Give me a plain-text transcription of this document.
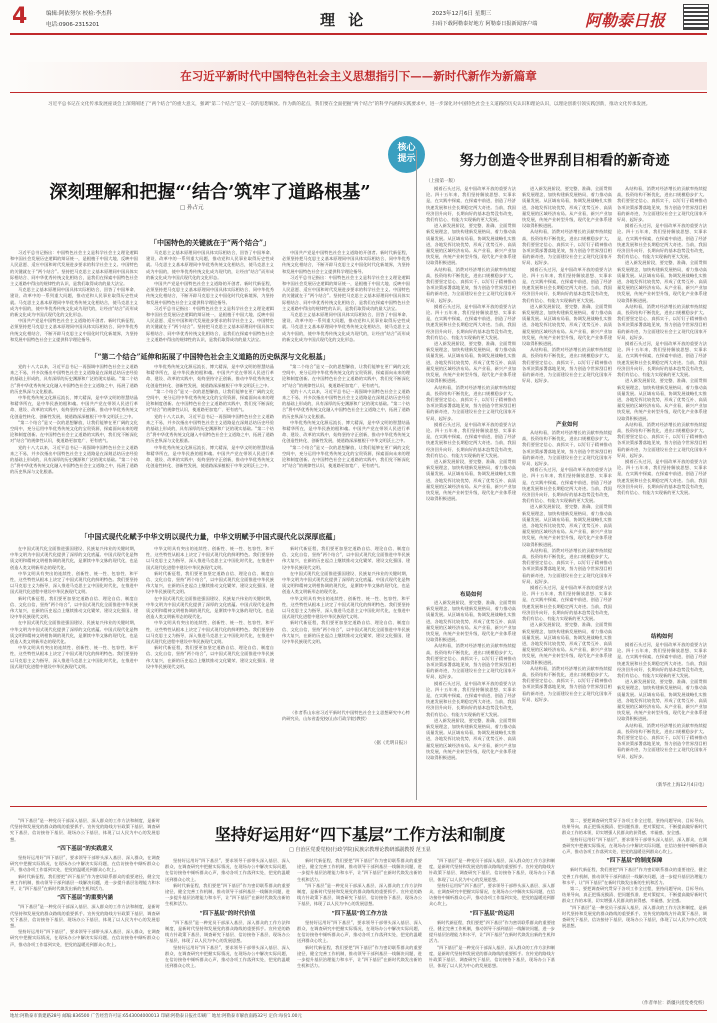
4	编辑:阿依努尔 校检:李杰科
电话:0906-2315201	理 论	2023年12月6日 星期三
扫码下载阿勒泰好地方 阿勒泰日报新闻客户端	阿勒泰日报
在习近平新时代中国特色社会主义思想指引下——新时代新作为新篇章

习近平总书记在文化传承发展座谈会上深刻阐述了“两个结合”的重大意义，强调“第二个结合”是又一次的思想解放。作为新的起点，我们要在全面把握“两个结合”的科学内涵和实践要求中，进一步深化对中国特色社会主义道路的历史认识和理论认识，以理论创新引领实践创新，推动文化传承发展。

核心
提示
深刻理解和把握“‘结合’筑牢了道路根基”
□ 孙占元
努力创造令世界刮目相看的新奇迹
（上接第一版）

摸着石头过河，是中国改革开放的重要方法论。四十五年来，我们坚持解放思想、实事求是，在实践中探索，在探索中前进，创造了经济快速发展和社会长期稳定两大奇迹。当前，我国经济回升向好、长期向好的基本趋势没有改变，我们有信心、有能力实现新的更大发展。

进入新发展阶段，要完整、准确、全面贯彻新发展理念，加快构建新发展格局，着力推动高质量发展。从区域布局看，协调发展战略扎实推进，各地发挥比较优势，形成了优势互补、高质量发展的区域经济布局。从产业看，新兴产业加快发展，传统产业转型升级，现代化产业体系建设取得积极进展。

从结构看，消费对经济增长的贡献率持续提高，投资结构不断优化，进出口规模稳步扩大。我们要坚定信心、真抓实干，以钉钉子精神推动各项决策部署落地见效，努力创造令世界刮目相看的新奇迹，为全面建设社会主义现代化国家开好局、起好步。

摸着石头过河，是中国改革开放的重要方法论。四十五年来，我们坚持解放思想、实事求是，在实践中探索，在探索中前进，创造了经济快速发展和社会长期稳定两大奇迹。当前，我国经济回升向好、长期向好的基本趋势没有改变，我们有信心、有能力实现新的更大发展。

进入新发展阶段，要完整、准确、全面贯彻新发展理念，加快构建新发展格局，着力推动高质量发展。从区域布局看，协调发展战略扎实推进，各地发挥比较优势，形成了优势互补、高质量发展的区域经济布局。从产业看，新兴产业加快发展，传统产业转型升级，现代化产业体系建设取得积极进展。

从结构看，消费对经济增长的贡献率持续提高，投资结构不断优化，进出口规模稳步扩大。我们要坚定信心、真抓实干，以钉钉子精神推动各项决策部署落地见效，努力创造令世界刮目相看的新奇迹，为全面建设社会主义现代化国家开好局、起好步。

摸着石头过河，是中国改革开放的重要方法论。四十五年来，我们坚持解放思想、实事求是，在实践中探索，在探索中前进，创造了经济快速发展和社会长期稳定两大奇迹。当前，我国经济回升向好、长期向好的基本趋势没有改变，我们有信心、有能力实现新的更大发展。

进入新发展阶段，要完整、准确、全面贯彻新发展理念，加快构建新发展格局，着力推动高质量发展。从区域布局看，协调发展战略扎实推进，各地发挥比较优势，形成了优势互补、高质量发展的区域经济布局。从产业看，新兴产业加快发展，传统产业转型升级，现代化产业体系建设取得积极进展。

布局如何

进入新发展阶段，要完整、准确、全面贯彻新发展理念，加快构建新发展格局，着力推动高质量发展。从区域布局看，协调发展战略扎实推进，各地发挥比较优势，形成了优势互补、高质量发展的区域经济布局。从产业看，新兴产业加快发展，传统产业转型升级，现代化产业体系建设取得积极进展。

从结构看，消费对经济增长的贡献率持续提高，投资结构不断优化，进出口规模稳步扩大。我们要坚定信心、真抓实干，以钉钉子精神推动各项决策部署落地见效，努力创造令世界刮目相看的新奇迹，为全面建设社会主义现代化国家开好局、起好步。

摸着石头过河，是中国改革开放的重要方法论。四十五年来，我们坚持解放思想、实事求是，在实践中探索，在探索中前进，创造了经济快速发展和社会长期稳定两大奇迹。当前，我国经济回升向好、长期向好的基本趋势没有改变，我们有信心、有能力实现新的更大发展。

进入新发展阶段，要完整、准确、全面贯彻新发展理念，加快构建新发展格局，着力推动高质量发展。从区域布局看，协调发展战略扎实推进，各地发挥比较优势，形成了优势互补、高质量发展的区域经济布局。从产业看，新兴产业加快发展，传统产业转型升级，现代化产业体系建设取得积极进展。

进入新发展阶段，要完整、准确、全面贯彻新发展理念，加快构建新发展格局，着力推动高质量发展。从区域布局看，协调发展战略扎实推进，各地发挥比较优势，形成了优势互补、高质量发展的区域经济布局。从产业看，新兴产业加快发展，传统产业转型升级，现代化产业体系建设取得积极进展。

从结构看，消费对经济增长的贡献率持续提高，投资结构不断优化，进出口规模稳步扩大。我们要坚定信心、真抓实干，以钉钉子精神推动各项决策部署落地见效，努力创造令世界刮目相看的新奇迹，为全面建设社会主义现代化国家开好局、起好步。

摸着石头过河，是中国改革开放的重要方法论。四十五年来，我们坚持解放思想、实事求是，在实践中探索，在探索中前进，创造了经济快速发展和社会长期稳定两大奇迹。当前，我国经济回升向好、长期向好的基本趋势没有改变，我们有信心、有能力实现新的更大发展。

进入新发展阶段，要完整、准确、全面贯彻新发展理念，加快构建新发展格局，着力推动高质量发展。从区域布局看，协调发展战略扎实推进，各地发挥比较优势，形成了优势互补、高质量发展的区域经济布局。从产业看，新兴产业加快发展，传统产业转型升级，现代化产业体系建设取得积极进展。

从结构看，消费对经济增长的贡献率持续提高，投资结构不断优化，进出口规模稳步扩大。我们要坚定信心、真抓实干，以钉钉子精神推动各项决策部署落地见效，努力创造令世界刮目相看的新奇迹，为全面建设社会主义现代化国家开好局、起好步。

产业如何

从结构看，消费对经济增长的贡献率持续提高，投资结构不断优化，进出口规模稳步扩大。我们要坚定信心、真抓实干，以钉钉子精神推动各项决策部署落地见效，努力创造令世界刮目相看的新奇迹，为全面建设社会主义现代化国家开好局、起好步。

摸着石头过河，是中国改革开放的重要方法论。四十五年来，我们坚持解放思想、实事求是，在实践中探索，在探索中前进，创造了经济快速发展和社会长期稳定两大奇迹。当前，我国经济回升向好、长期向好的基本趋势没有改变，我们有信心、有能力实现新的更大发展。

进入新发展阶段，要完整、准确、全面贯彻新发展理念，加快构建新发展格局，着力推动高质量发展。从区域布局看，协调发展战略扎实推进，各地发挥比较优势，形成了优势互补、高质量发展的区域经济布局。从产业看，新兴产业加快发展，传统产业转型升级，现代化产业体系建设取得积极进展。

从结构看，消费对经济增长的贡献率持续提高，投资结构不断优化，进出口规模稳步扩大。我们要坚定信心、真抓实干，以钉钉子精神推动各项决策部署落地见效，努力创造令世界刮目相看的新奇迹，为全面建设社会主义现代化国家开好局、起好步。

摸着石头过河，是中国改革开放的重要方法论。四十五年来，我们坚持解放思想、实事求是，在实践中探索，在探索中前进，创造了经济快速发展和社会长期稳定两大奇迹。当前，我国经济回升向好、长期向好的基本趋势没有改变，我们有信心、有能力实现新的更大发展。

进入新发展阶段，要完整、准确、全面贯彻新发展理念，加快构建新发展格局，着力推动高质量发展。从区域布局看，协调发展战略扎实推进，各地发挥比较优势，形成了优势互补、高质量发展的区域经济布局。从产业看，新兴产业加快发展，传统产业转型升级，现代化产业体系建设取得积极进展。

从结构看，消费对经济增长的贡献率持续提高，投资结构不断优化，进出口规模稳步扩大。我们要坚定信心、真抓实干，以钉钉子精神推动各项决策部署落地见效，努力创造令世界刮目相看的新奇迹，为全面建设社会主义现代化国家开好局、起好步。

从结构看，消费对经济增长的贡献率持续提高，投资结构不断优化，进出口规模稳步扩大。我们要坚定信心、真抓实干，以钉钉子精神推动各项决策部署落地见效，努力创造令世界刮目相看的新奇迹，为全面建设社会主义现代化国家开好局、起好步。

摸着石头过河，是中国改革开放的重要方法论。四十五年来，我们坚持解放思想、实事求是，在实践中探索，在探索中前进，创造了经济快速发展和社会长期稳定两大奇迹。当前，我国经济回升向好、长期向好的基本趋势没有改变，我们有信心、有能力实现新的更大发展。

进入新发展阶段，要完整、准确、全面贯彻新发展理念，加快构建新发展格局，着力推动高质量发展。从区域布局看，协调发展战略扎实推进，各地发挥比较优势，形成了优势互补、高质量发展的区域经济布局。从产业看，新兴产业加快发展，传统产业转型升级，现代化产业体系建设取得积极进展。

从结构看，消费对经济增长的贡献率持续提高，投资结构不断优化，进出口规模稳步扩大。我们要坚定信心、真抓实干，以钉钉子精神推动各项决策部署落地见效，努力创造令世界刮目相看的新奇迹，为全面建设社会主义现代化国家开好局、起好步。

摸着石头过河，是中国改革开放的重要方法论。四十五年来，我们坚持解放思想、实事求是，在实践中探索，在探索中前进，创造了经济快速发展和社会长期稳定两大奇迹。当前，我国经济回升向好、长期向好的基本趋势没有改变，我们有信心、有能力实现新的更大发展。

进入新发展阶段，要完整、准确、全面贯彻新发展理念，加快构建新发展格局，着力推动高质量发展。从区域布局看，协调发展战略扎实推进，各地发挥比较优势，形成了优势互补、高质量发展的区域经济布局。从产业看，新兴产业加快发展，传统产业转型升级，现代化产业体系建设取得积极进展。

从结构看，消费对经济增长的贡献率持续提高，投资结构不断优化，进出口规模稳步扩大。我们要坚定信心、真抓实干，以钉钉子精神推动各项决策部署落地见效，努力创造令世界刮目相看的新奇迹，为全面建设社会主义现代化国家开好局、起好步。

摸着石头过河，是中国改革开放的重要方法论。四十五年来，我们坚持解放思想、实事求是，在实践中探索，在探索中前进，创造了经济快速发展和社会长期稳定两大奇迹。当前，我国经济回升向好、长期向好的基本趋势没有改变，我们有信心、有能力实现新的更大发展。

结构如何

摸着石头过河，是中国改革开放的重要方法论。四十五年来，我们坚持解放思想、实事求是，在实践中探索，在探索中前进，创造了经济快速发展和社会长期稳定两大奇迹。当前，我国经济回升向好、长期向好的基本趋势没有改变，我们有信心、有能力实现新的更大发展。

进入新发展阶段，要完整、准确、全面贯彻新发展理念，加快构建新发展格局，着力推动高质量发展。从区域布局看，协调发展战略扎实推进，各地发挥比较优势，形成了优势互补、高质量发展的区域经济布局。从产业看，新兴产业加快发展，传统产业转型升级，现代化产业体系建设取得积极进展。

从结构看，消费对经济增长的贡献率持续提高，投资结构不断优化，进出口规模稳步扩大。我们要坚定信心、真抓实干，以钉钉子精神推动各项决策部署落地见效，努力创造令世界刮目相看的新奇迹，为全面建设社会主义现代化国家开好局、起好步。

（新华社上海12月4日电）
「中国特色的关键就在于“两个结合”」

习近平总书记指出：中国特色社会主义是科学社会主义理论逻辑和中国社会发展历史逻辑的辩证统一，是根植于中国大地、反映中国人民意愿、适应中国和时代发展进步要求的科学社会主义。中国特色的关键就在于“两个结合”。坚持把马克思主义基本原理同中国具体实际相结合、同中华优秀传统文化相结合，是我们在探索中国特色社会主义道路中得出的规律性的认识，是我们取得成功的最大法宝。

马克思主义基本原理同中国具体实际相结合，回答了中国革命、建设、改革中的一系列重大问题，推动党和人民事业取得历史性成就。马克思主义基本原理同中华优秀传统文化相结合，使马克思主义成为中国的，使中华优秀传统文化成为现代的，让经由“结合”而形成的新文化成为中国式现代化的文化形态。

中国共产党是中国特色社会主义道路的开创者。新时代新征程，必须坚持把马克思主义基本原理同中国具体实际相结合、同中华优秀传统文化相结合，不断开辟马克思主义中国化时代化新境界，为坚持和发展中国特色社会主义提供科学理论指导。

马克思主义基本原理同中国具体实际相结合，回答了中国革命、建设、改革中的一系列重大问题，推动党和人民事业取得历史性成就。马克思主义基本原理同中华优秀传统文化相结合，使马克思主义成为中国的，使中华优秀传统文化成为现代的，让经由“结合”而形成的新文化成为中国式现代化的文化形态。

中国共产党是中国特色社会主义道路的开创者。新时代新征程，必须坚持把马克思主义基本原理同中国具体实际相结合、同中华优秀传统文化相结合，不断开辟马克思主义中国化时代化新境界，为坚持和发展中国特色社会主义提供科学理论指导。

习近平总书记指出：中国特色社会主义是科学社会主义理论逻辑和中国社会发展历史逻辑的辩证统一，是根植于中国大地、反映中国人民意愿、适应中国和时代发展进步要求的科学社会主义。中国特色的关键就在于“两个结合”。坚持把马克思主义基本原理同中国具体实际相结合、同中华优秀传统文化相结合，是我们在探索中国特色社会主义道路中得出的规律性的认识，是我们取得成功的最大法宝。

中国共产党是中国特色社会主义道路的开创者。新时代新征程，必须坚持把马克思主义基本原理同中国具体实际相结合、同中华优秀传统文化相结合，不断开辟马克思主义中国化时代化新境界，为坚持和发展中国特色社会主义提供科学理论指导。

习近平总书记指出：中国特色社会主义是科学社会主义理论逻辑和中国社会发展历史逻辑的辩证统一，是根植于中国大地、反映中国人民意愿、适应中国和时代发展进步要求的科学社会主义。中国特色的关键就在于“两个结合”。坚持把马克思主义基本原理同中国具体实际相结合、同中华优秀传统文化相结合，是我们在探索中国特色社会主义道路中得出的规律性的认识，是我们取得成功的最大法宝。

马克思主义基本原理同中国具体实际相结合，回答了中国革命、建设、改革中的一系列重大问题，推动党和人民事业取得历史性成就。马克思主义基本原理同中华优秀传统文化相结合，使马克思主义成为中国的，使中华优秀传统文化成为现代的，让经由“结合”而形成的新文化成为中国式现代化的文化形态。

「“第二个结合”延伸和拓展了中国特色社会主义道路的历史纵深与文化根基」

党的十八大以来，习近平总书记一再强调中国特色社会主义道路来之不易，并多次指出中国特色社会主义道路是在深刻总结历史经验的基础上形成的，具有深厚的历史渊源和广泛的现实基础。“第二个结合”将中华优秀传统文化融入中国特色社会主义道路之中，拓展了道路的历史纵深与文化根基。

中华优秀传统文化源远流长、博大精深，是中华文明的智慧结晶和精华所在，是中华民族的根和魂。中国共产党在带领人民进行革命、建设、改革的实践中，始终坚持守正创新，推动中华优秀传统文化创造性转化、创新性发展，使道路深深植根于中华文明沃土之中。

“第二个结合”是又一次的思想解放，让我们能够在更广阔的文化空间中，充分运用中华优秀传统文化的宝贵资源，探索面向未来的理论和制度创新。在中国特色社会主义道路的实践中，我们党不断深化对“结合”的规律性认识，使道路更加宽广、更有底气。

党的十八大以来，习近平总书记一再强调中国特色社会主义道路来之不易，并多次指出中国特色社会主义道路是在深刻总结历史经验的基础上形成的，具有深厚的历史渊源和广泛的现实基础。“第二个结合”将中华优秀传统文化融入中国特色社会主义道路之中，拓展了道路的历史纵深与文化根基。

中华优秀传统文化源远流长、博大精深，是中华文明的智慧结晶和精华所在，是中华民族的根和魂。中国共产党在带领人民进行革命、建设、改革的实践中，始终坚持守正创新，推动中华优秀传统文化创造性转化、创新性发展，使道路深深植根于中华文明沃土之中。

“第二个结合”是又一次的思想解放，让我们能够在更广阔的文化空间中，充分运用中华优秀传统文化的宝贵资源，探索面向未来的理论和制度创新。在中国特色社会主义道路的实践中，我们党不断深化对“结合”的规律性认识，使道路更加宽广、更有底气。

党的十八大以来，习近平总书记一再强调中国特色社会主义道路来之不易，并多次指出中国特色社会主义道路是在深刻总结历史经验的基础上形成的，具有深厚的历史渊源和广泛的现实基础。“第二个结合”将中华优秀传统文化融入中国特色社会主义道路之中，拓展了道路的历史纵深与文化根基。

中华优秀传统文化源远流长、博大精深，是中华文明的智慧结晶和精华所在，是中华民族的根和魂。中国共产党在带领人民进行革命、建设、改革的实践中，始终坚持守正创新，推动中华优秀传统文化创造性转化、创新性发展，使道路深深植根于中华文明沃土之中。

“第二个结合”是又一次的思想解放，让我们能够在更广阔的文化空间中，充分运用中华优秀传统文化的宝贵资源，探索面向未来的理论和制度创新。在中国特色社会主义道路的实践中，我们党不断深化对“结合”的规律性认识，使道路更加宽广、更有底气。

党的十八大以来，习近平总书记一再强调中国特色社会主义道路来之不易，并多次指出中国特色社会主义道路是在深刻总结历史经验的基础上形成的，具有深厚的历史渊源和广泛的现实基础。“第二个结合”将中华优秀传统文化融入中国特色社会主义道路之中，拓展了道路的历史纵深与文化根基。

中华优秀传统文化源远流长、博大精深，是中华文明的智慧结晶和精华所在，是中华民族的根和魂。中国共产党在带领人民进行革命、建设、改革的实践中，始终坚持守正创新，推动中华优秀传统文化创造性转化、创新性发展，使道路深深植根于中华文明沃土之中。

“第二个结合”是又一次的思想解放，让我们能够在更广阔的文化空间中，充分运用中华优秀传统文化的宝贵资源，探索面向未来的理论和制度创新。在中国特色社会主义道路的实践中，我们党不断深化对“结合”的规律性认识，使道路更加宽广、更有底气。

「中国式现代化赋予中华文明以现代力量，中华文明赋予中国式现代化以深厚底蕴」

在中国式现代化全面推进强国建设、民族复兴伟业的关键时期，中华文明为中国式现代化提供了深厚的文化底蕴。中国式现代化是物质文明和精神文明相协调的现代化，是赓续中华文脉的现代化，也是创造人类文明新形态的现代化。

中华文明具有突出的连续性、创新性、统一性、包容性、和平性，这些特性从根本上决定了中国式现代化的鲜明特色。我们要坚持以马克思主义为指导，深入推进马克思主义中国化时代化，在推进中国式现代化进程中建设中华民族现代文明。

新时代新征程，我们要更加坚定道路自信、理论自信、制度自信、文化自信，坚持“两个结合”，以中国式现代化全面推进中华民族伟大复兴，在新的历史起点上继续推动文化繁荣、建设文化强国、建设中华民族现代文明。

在中国式现代化全面推进强国建设、民族复兴伟业的关键时期，中华文明为中国式现代化提供了深厚的文化底蕴。中国式现代化是物质文明和精神文明相协调的现代化，是赓续中华文脉的现代化，也是创造人类文明新形态的现代化。

中华文明具有突出的连续性、创新性、统一性、包容性、和平性，这些特性从根本上决定了中国式现代化的鲜明特色。我们要坚持以马克思主义为指导，深入推进马克思主义中国化时代化，在推进中国式现代化进程中建设中华民族现代文明。

中华文明具有突出的连续性、创新性、统一性、包容性、和平性，这些特性从根本上决定了中国式现代化的鲜明特色。我们要坚持以马克思主义为指导，深入推进马克思主义中国化时代化，在推进中国式现代化进程中建设中华民族现代文明。

新时代新征程，我们要更加坚定道路自信、理论自信、制度自信、文化自信，坚持“两个结合”，以中国式现代化全面推进中华民族伟大复兴，在新的历史起点上继续推动文化繁荣、建设文化强国、建设中华民族现代文明。

在中国式现代化全面推进强国建设、民族复兴伟业的关键时期，中华文明为中国式现代化提供了深厚的文化底蕴。中国式现代化是物质文明和精神文明相协调的现代化，是赓续中华文脉的现代化，也是创造人类文明新形态的现代化。

中华文明具有突出的连续性、创新性、统一性、包容性、和平性，这些特性从根本上决定了中国式现代化的鲜明特色。我们要坚持以马克思主义为指导，深入推进马克思主义中国化时代化，在推进中国式现代化进程中建设中华民族现代文明。

新时代新征程，我们要更加坚定道路自信、理论自信、制度自信、文化自信，坚持“两个结合”，以中国式现代化全面推进中华民族伟大复兴，在新的历史起点上继续推动文化繁荣、建设文化强国、建设中华民族现代文明。

新时代新征程，我们要更加坚定道路自信、理论自信、制度自信、文化自信，坚持“两个结合”，以中国式现代化全面推进中华民族伟大复兴，在新的历史起点上继续推动文化繁荣、建设文化强国、建设中华民族现代文明。

在中国式现代化全面推进强国建设、民族复兴伟业的关键时期，中华文明为中国式现代化提供了深厚的文化底蕴。中国式现代化是物质文明和精神文明相协调的现代化，是赓续中华文脉的现代化，也是创造人类文明新形态的现代化。

中华文明具有突出的连续性、创新性、统一性、包容性、和平性，这些特性从根本上决定了中国式现代化的鲜明特色。我们要坚持以马克思主义为指导，深入推进马克思主义中国化时代化，在推进中国式现代化进程中建设中华民族现代文明。

新时代新征程，我们要更加坚定道路自信、理论自信、制度自信、文化自信，坚持“两个结合”，以中国式现代化全面推进中华民族伟大复兴，在新的历史起点上继续推动文化繁荣、建设文化强国、建设中华民族现代文明。

（作者系山东省习近平新时代中国特色社会主义思想研究中心特约研究员、山东省委党校(山东行政学院)教授）

（据《光明日报》）

“四下基层”是一种党员干部深入基层、深入群众的工作方法和制度，是新时代坚持和发展党的群众路线的重要抓手。宣传党的路线方针政策下基层、调查研究下基层、信访接待下基层、现场办公下基层，体现了以人民为中心的发展思想。

“四下基层”的实践意义

坚持好运用好“四下基层”，要求领导干部带头深入基层、深入群众，在调查研究中把握实际情况，在现场办公中解决实际问题，在信访接待中倾听群众心声，推动各项工作落到实处，把党的温暖送到群众心坎上。

新时代新征程，我们要把“四下基层”作为密切联系群众的重要途径，健全完善工作机制，推动领导干部到基层一线解决问题，进一步提升基层治理能力和水平，让“四下基层”在新时代焕发出新的生机和活力。

“四下基层”的重要内涵

“四下基层”是一种党员干部深入基层、深入群众的工作方法和制度，是新时代坚持和发展党的群众路线的重要抓手。宣传党的路线方针政策下基层、调查研究下基层、信访接待下基层、现场办公下基层，体现了以人民为中心的发展思想。

坚持好运用好“四下基层”，要求领导干部带头深入基层、深入群众，在调查研究中把握实际情况，在现场办公中解决实际问题，在信访接待中倾听群众心声，推动各项工作落到实处，把党的温暖送到群众心坎上。

坚持好运用好“四下基层”工作方法和制度
□ 自治区党委党校(行政学院)民族宗教理论教研部副教授 范玉显

坚持好运用好“四下基层”，要求领导干部带头深入基层、深入群众，在调查研究中把握实际情况，在现场办公中解决实际问题，在信访接待中倾听群众心声，推动各项工作落到实处，把党的温暖送到群众心坎上。

新时代新征程，我们要把“四下基层”作为密切联系群众的重要途径，健全完善工作机制，推动领导干部到基层一线解决问题，进一步提升基层治理能力和水平，让“四下基层”在新时代焕发出新的生机和活力。

“四下基层”的时代价值

“四下基层”是一种党员干部深入基层、深入群众的工作方法和制度，是新时代坚持和发展党的群众路线的重要抓手。宣传党的路线方针政策下基层、调查研究下基层、信访接待下基层、现场办公下基层，体现了以人民为中心的发展思想。

坚持好运用好“四下基层”，要求领导干部带头深入基层、深入群众，在调查研究中把握实际情况，在现场办公中解决实际问题，在信访接待中倾听群众心声，推动各项工作落到实处，把党的温暖送到群众心坎上。

新时代新征程，我们要把“四下基层”作为密切联系群众的重要途径，健全完善工作机制，推动领导干部到基层一线解决问题，进一步提升基层治理能力和水平，让“四下基层”在新时代焕发出新的生机和活力。

“四下基层”是一种党员干部深入基层、深入群众的工作方法和制度，是新时代坚持和发展党的群众路线的重要抓手。宣传党的路线方针政策下基层、调查研究下基层、信访接待下基层、现场办公下基层，体现了以人民为中心的发展思想。

“四下基层”的工作方法

坚持好运用好“四下基层”，要求领导干部带头深入基层、深入群众，在调查研究中把握实际情况，在现场办公中解决实际问题，在信访接待中倾听群众心声，推动各项工作落到实处，把党的温暖送到群众心坎上。

新时代新征程，我们要把“四下基层”作为密切联系群众的重要途径，健全完善工作机制，推动领导干部到基层一线解决问题，进一步提升基层治理能力和水平，让“四下基层”在新时代焕发出新的生机和活力。

“四下基层”是一种党员干部深入基层、深入群众的工作方法和制度，是新时代坚持和发展党的群众路线的重要抓手。宣传党的路线方针政策下基层、调查研究下基层、信访接待下基层、现场办公下基层，体现了以人民为中心的发展思想。

坚持好运用好“四下基层”，要求领导干部带头深入基层、深入群众，在调查研究中把握实际情况，在现场办公中解决实际问题，在信访接待中倾听群众心声，推动各项工作落到实处，把党的温暖送到群众心坎上。

“四下基层”的运用

新时代新征程，我们要把“四下基层”作为密切联系群众的重要途径，健全完善工作机制，推动领导干部到基层一线解决问题，进一步提升基层治理能力和水平，让“四下基层”在新时代焕发出新的生机和活力。

“四下基层”是一种党员干部深入基层、深入群众的工作方法和制度，是新时代坚持和发展党的群众路线的重要抓手。宣传党的路线方针政策下基层、调查研究下基层、信访接待下基层、现场办公下基层，体现了以人民为中心的发展思想。

第二，要把调查研究贯穿于各项工作全过程，坚持问题导向、目标导向、结果导向，真正把情况摸清、把问题找准、把对策提实，不断提高做好新时代群众工作的本领，切实增强人民群众的获得感、幸福感、安全感。

坚持好运用好“四下基层”，要求领导干部带头深入基层、深入群众，在调查研究中把握实际情况，在现场办公中解决实际问题，在信访接待中倾听群众心声，推动各项工作落到实处，把党的温暖送到群众心坎上。

“四下基层”的制度保障

新时代新征程，我们要把“四下基层”作为密切联系群众的重要途径，健全完善工作机制，推动领导干部到基层一线解决问题，进一步提升基层治理能力和水平，让“四下基层”在新时代焕发出新的生机和活力。

第二，要把调查研究贯穿于各项工作全过程，坚持问题导向、目标导向、结果导向，真正把情况摸清、把问题找准、把对策提实，不断提高做好新时代群众工作的本领，切实增强人民群众的获得感、幸福感、安全感。

“四下基层”是一种党员干部深入基层、深入群众的工作方法和制度，是新时代坚持和发展党的群众路线的重要抓手。宣传党的路线方针政策下基层、调查研究下基层、信访接待下基层、现场办公下基层，体现了以人民为中心的发展思想。

（作者单位：新疆兵团党委党校）
地址:阿勒泰市新建路28号 邮编:836500 广告经营许可证:6543004000013 印刷:阿勒泰日报社印刷厂 地址:阿勒泰市解放南路32号 定价:每份1.00元
